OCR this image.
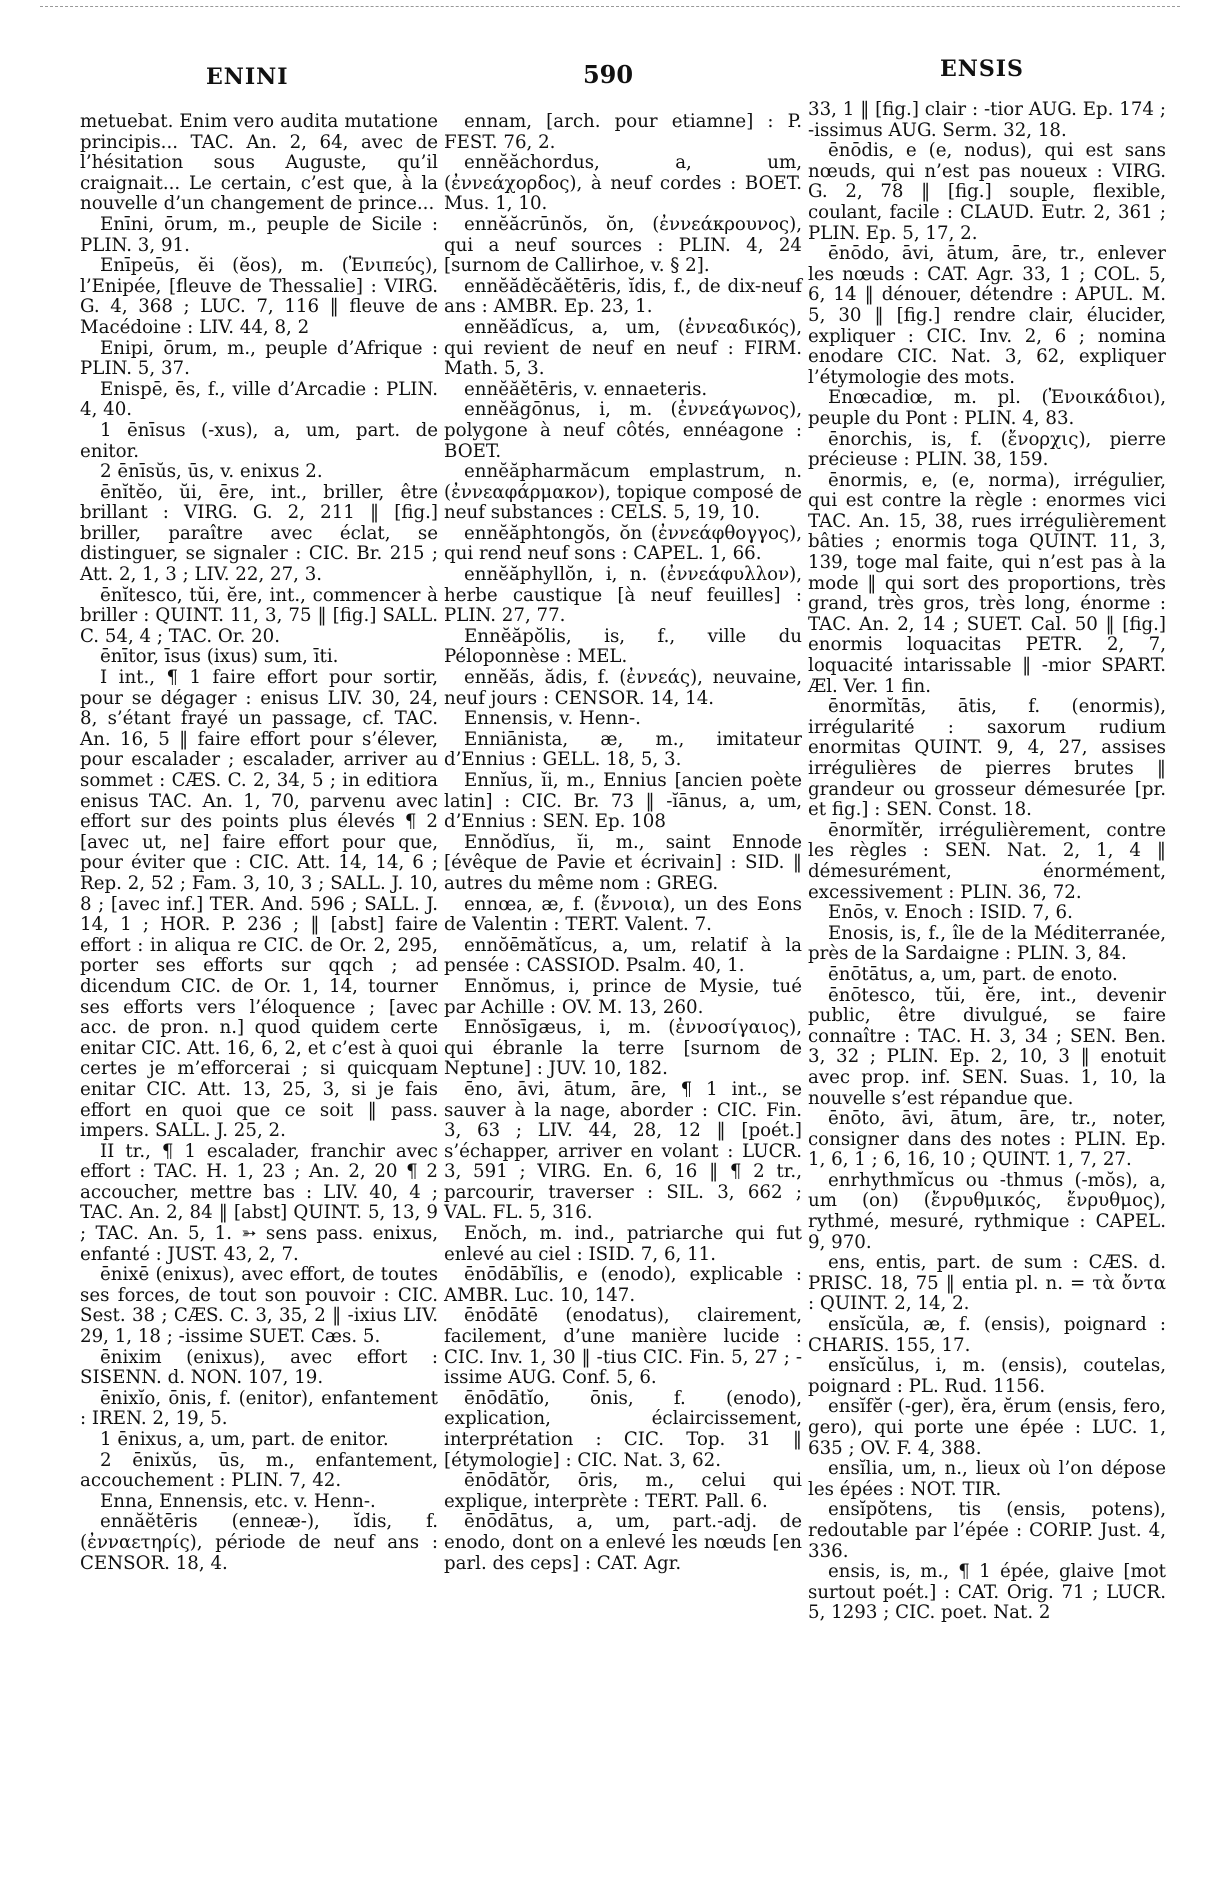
ENINI	590	ENSIS

metuebat. Enim vero audita mutatione principis... TAC. An. 2, 64, avec de l’hésitation sous Auguste, qu’il craignait... Le certain, c’est que, à la nouvelle d’un changement de prince...

Enīni, ōrum, m., peuple de Sicile : PLIN. 3, 91.

Enīpeūs, ĕi (ĕos), m. (Ἐνιπεύς), l’Enipée, [fleuve de Thessalie] : VIRG. G. 4, 368 ; LUC. 7, 116 ‖ fleuve de Macédoine : LIV. 44, 8, 2

Enipi, ōrum, m., peuple d’Afrique : PLIN. 5, 37.

Enispē, ēs, f., ville d’Arcadie : PLIN. 4, 40.

1 ēnīsus (-xus), a, um, part. de enitor.

2 ēnīsŭs, ūs, v. enixus 2.

ēnĭtĕo, ŭi, ēre, int., briller, être brillant : VIRG. G. 2, 211 ‖ [fig.] briller, paraître avec éclat, se distinguer, se signaler : CIC. Br. 215 ; Att. 2, 1, 3 ; LIV. 22, 27, 3.

ēnĭtesco, tŭi, ĕre, int., commencer à briller : QUINT. 11, 3, 75 ‖ [fig.] SALL. C. 54, 4 ; TAC. Or. 20.

ēnītor, īsus (ixus) sum, īti.

I int., ¶ 1 faire effort pour sortir, pour se dégager : enisus LIV. 30, 24, 8, s’étant frayé un passage, cf. TAC. An. 16, 5 ‖ faire effort pour s’élever, pour escalader ; escalader, arriver au sommet : CÆS. C. 2, 34, 5 ; in editiora enisus TAC. An. 1, 70, parvenu avec effort sur des points plus élevés ¶ 2 [avec ut, ne] faire effort pour que, pour éviter que : CIC. Att. 14, 14, 6 ; Rep. 2, 52 ; Fam. 3, 10, 3 ; SALL. J. 10, 8 ; [avec inf.] TER. And. 596 ; SALL. J. 14, 1 ; HOR. P. 236 ; ‖ [abst] faire effort : in aliqua re CIC. de Or. 2, 295, porter ses efforts sur qqch ; ad dicendum CIC. de Or. 1, 14, tourner ses efforts vers l’éloquence ; [avec acc. de pron. n.] quod quidem certe enitar CIC. Att. 16, 6, 2, et c’est à quoi certes je m’efforcerai ; si quicquam enitar CIC. Att. 13, 25, 3, si je fais effort en quoi que ce soit ‖ pass. impers. SALL. J. 25, 2.

II tr., ¶ 1 escalader, franchir avec effort : TAC. H. 1, 23 ; An. 2, 20 ¶ 2 accoucher, mettre bas : LIV. 40, 4 ; TAC. An. 2, 84 ‖ [abst] QUINT. 5, 13, 9 ; TAC. An. 5, 1. ➳ sens pass. enixus, enfanté : JUST. 43, 2, 7.

ēnixē (enixus), avec effort, de toutes ses forces, de tout son pouvoir : CIC. Sest. 38 ; CÆS. C. 3, 35, 2 ‖ -ixius LIV. 29, 1, 18 ; -issime SUET. Cæs. 5.

ēnixim (enixus), avec effort : SISENN. d. NON. 107, 19.

ēnixĭo, ōnis, f. (enitor), enfantement : IREN. 2, 19, 5.

1 ēnixus, a, um, part. de enitor.

2 ēnixŭs, ūs, m., enfantement, accouchement : PLIN. 7, 42.

Enna, Ennensis, etc. v. Henn-.

ennăĕtēris (enneæ-), ĭdis, f. (ἐνναετηρίς), période de neuf ans : CENSOR. 18, 4.

ennam, [arch. pour etiamne] : P. FEST. 76, 2.

ennĕăchordus, a, um, (ἐννεάχορδος), à neuf cordes : BOET. Mus. 1, 10.

ennĕăcrūnŏs, ŏn, (ἐννεάκρουνος), qui a neuf sources : PLIN. 4, 24 [surnom de Callirhoe, v. § 2].

ennĕădĕcăĕtēris, ĭdis, f., de dix-neuf ans : AMBR. Ep. 23, 1.

ennĕădĭcus, a, um, (ἐννεαδικός), qui revient de neuf en neuf : FIRM. Math. 5, 3.

ennĕăĕtēris, v. ennaeteris.

ennĕăgōnus, i, m. (ἐννεάγωνος), polygone à neuf côtés, ennéagone : BOET.

ennĕăpharmăcum emplastrum, n. (ἐννεαφάρμακον), topique composé de neuf substances : CELS. 5, 19, 10.

ennĕăphtongŏs, ŏn (ἐννεάφθογγος), qui rend neuf sons : CAPEL. 1, 66.

ennĕăphyllŏn, i, n. (ἐννεάφυλλον), herbe caustique [à neuf feuilles] : PLIN. 27, 77.

Ennĕăpŏlis, is, f., ville du Péloponnèse : MEL.

ennĕăs, ădis, f. (ἐννεάς), neuvaine, neuf jours : CENSOR. 14, 14.

Ennensis, v. Henn-.

Enniānista, æ, m., imitateur d’Ennius : GELL. 18, 5, 3.

Ennĭus, ĭi, m., Ennius [ancien poète latin] : CIC. Br. 73 ‖ -ĭānus, a, um, d’Ennius : SEN. Ep. 108

Ennŏdĭus, ĭi, m., saint Ennode [évêque de Pavie et écrivain] : SID. ‖ autres du même nom : GREG.

ennœa, æ, f. (ἔννοια), un des Eons de Valentin : TERT. Valent. 7.

ennŏēmătĭcus, a, um, relatif à la pensée : CASSIOD. Psalm. 40, 1.

Ennŏmus, i, prince de Mysie, tué par Achille : OV. M. 13, 260.

Ennŏsīgæus, i, m. (ἐννοσίγαιος), qui ébranle la terre [surnom de Neptune] : JUV. 10, 182.

ēno, āvi, ātum, āre, ¶ 1 int., se sauver à la nage, aborder : CIC. Fin. 3, 63 ; LIV. 44, 28, 12 ‖ [poét.] s’échapper, arriver en volant : LUCR. 3, 591 ; VIRG. En. 6, 16 ‖ ¶ 2 tr., parcourir, traverser : SIL. 3, 662 ; VAL. FL. 5, 316.

Enŏch, m. ind., patriarche qui fut enlevé au ciel : ISID. 7, 6, 11.

ēnōdābĭlis, e (enodo), explicable : AMBR. Luc. 10, 147.

ēnōdātē (enodatus), clairement, facilement, d’une manière lucide : CIC. Inv. 1, 30 ‖ -tius CIC. Fin. 5, 27 ; -issime AUG. Conf. 5, 6.

ēnōdātĭo, ōnis, f. (enodo), explication, éclaircissement, interprétation : CIC. Top. 31 ‖ [étymologie] : CIC. Nat. 3, 62.

ēnōdātŏr, ōris, m., celui qui explique, interprète : TERT. Pall. 6.

ēnōdātus, a, um, part.-adj. de enodo, dont on a enlevé les nœuds [en parl. des ceps] : CAT. Agr.

33, 1 ‖ [fig.] clair : -tior AUG. Ep. 174 ; -issimus AUG. Serm. 32, 18.

ēnōdis, e (e, nodus), qui est sans nœuds, qui n’est pas noueux : VIRG. G. 2, 78 ‖ [fig.] souple, flexible, coulant, facile : CLAUD. Eutr. 2, 361 ; PLIN. Ep. 5, 17, 2.

ēnōdo, āvi, ātum, āre, tr., enlever les nœuds : CAT. Agr. 33, 1 ; COL. 5, 6, 14 ‖ dénouer, détendre : APUL. M. 5, 30 ‖ [fig.] rendre clair, élucider, expliquer : CIC. Inv. 2, 6 ; nomina enodare CIC. Nat. 3, 62, expliquer l’étymologie des mots.

Enœcadiœ, m. pl. (Ἐνοικάδιοι), peuple du Pont : PLIN. 4, 83.

ēnorchis, is, f. (ἔνορχις), pierre précieuse : PLIN. 38, 159.

ēnormis, e, (e, norma), irrégulier, qui est contre la règle : enormes vici TAC. An. 15, 38, rues irrégulièrement bâties ; enormis toga QUINT. 11, 3, 139, toge mal faite, qui n’est pas à la mode ‖ qui sort des proportions, très grand, très gros, très long, énorme : TAC. An. 2, 14 ; SUET. Cal. 50 ‖ [fig.] enormis loquacitas PETR. 2, 7, loquacité intarissable ‖ -mior SPART. Æl. Ver. 1 fin.

ēnormĭtās, ātis, f. (enormis), irrégularité : saxorum rudium enormitas QUINT. 9, 4, 27, assises irrégulières de pierres brutes ‖ grandeur ou grosseur démesurée [pr. et fig.] : SEN. Const. 18.

ēnormĭtĕr, irrégulièrement, contre les règles : SEN. Nat. 2, 1, 4 ‖ démesurément, énormément, excessivement : PLIN. 36, 72.

Enōs, v. Enoch : ISID. 7, 6.

Enosis, is, f., île de la Méditerranée, près de la Sardaigne : PLIN. 3, 84.

ēnōtātus, a, um, part. de enoto.

ēnōtesco, tŭi, ĕre, int., devenir public, être divulgué, se faire connaître : TAC. H. 3, 34 ; SEN. Ben. 3, 32 ; PLIN. Ep. 2, 10, 3 ‖ enotuit avec prop. inf. SEN. Suas. 1, 10, la nouvelle s’est répandue que.

ēnōto, āvi, ātum, āre, tr., noter, consigner dans des notes : PLIN. Ep. 1, 6, 1 ; 6, 16, 10 ; QUINT. 1, 7, 27.

enrhythmĭcus ou -thmus (-mŏs), a, um (on) (ἔνρυθμικός, ἔνρυθμος), rythmé, mesuré, rythmique : CAPEL. 9, 970.

ens, entis, part. de sum : CÆS. d. PRISC. 18, 75 ‖ entia pl. n. = τὰ ὄντα : QUINT. 2, 14, 2.

ensĭcŭla, æ, f. (ensis), poignard : CHARIS. 155, 17.

ensĭcŭlus, i, m. (ensis), coutelas, poignard : PL. Rud. 1156.

ensĭfĕr (-ger), ĕra, ĕrum (ensis, fero, gero), qui porte une épée : LUC. 1, 635 ; OV. F. 4, 388.

ensĭlia, um, n., lieux où l’on dépose les épées : NOT. TIR.

ensĭpŏtens, tis (ensis, potens), redoutable par l’épée : CORIP. Just. 4, 336.

ensis, is, m., ¶ 1 épée, glaive [mot surtout poét.] : CAT. Orig. 71 ; LUCR. 5, 1293 ; CIC. poet. Nat. 2
